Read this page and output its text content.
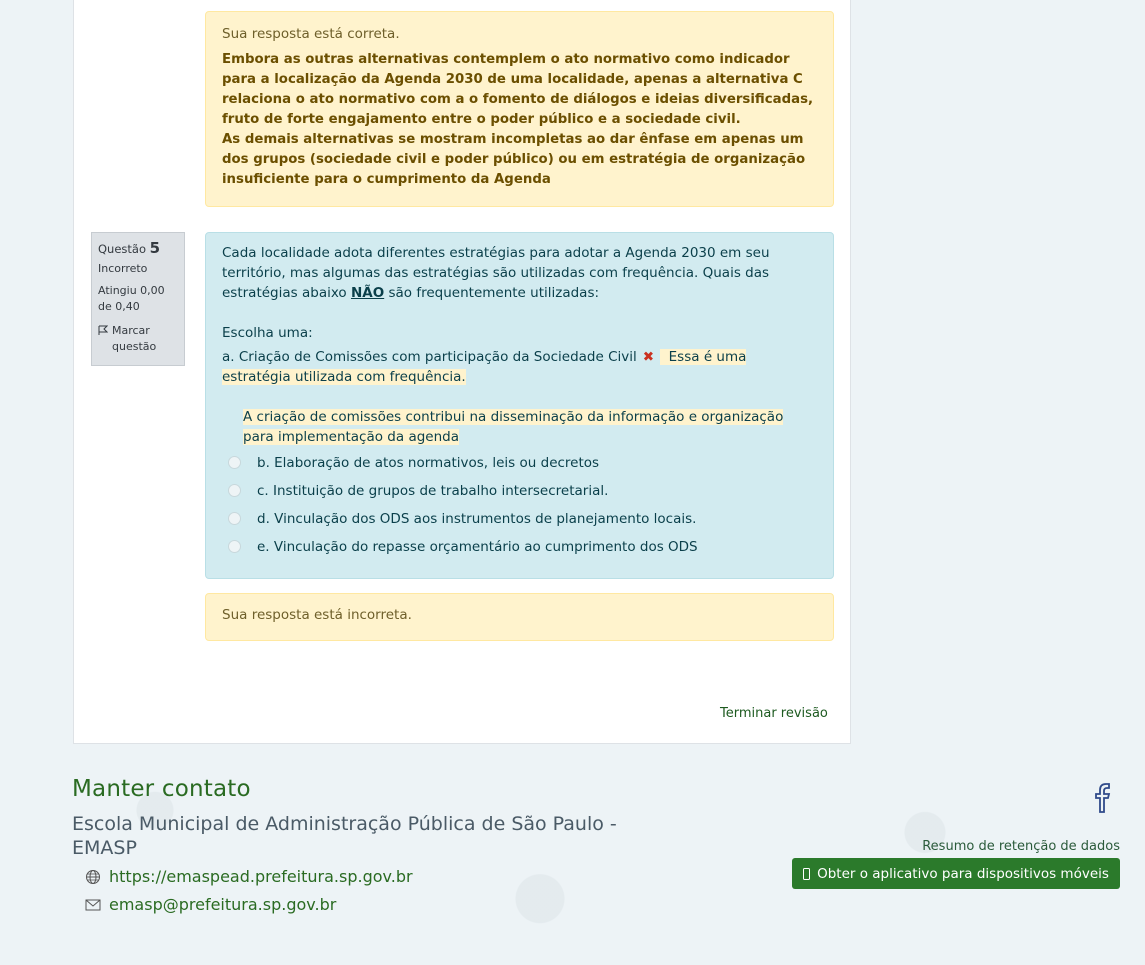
Sua resposta está correta.
Embora as outras alternativas contemplem o ato normativo como indicador para a localização da Agenda 2030 de uma localidade, apenas a alternativa C relaciona o ato normativo com a o fomento de diálogos e ideias diversificadas, fruto de forte engajamento entre o poder público e a sociedade civil.
As demais alternativas se mostram incompletas ao dar ênfase em apenas um dos grupos (sociedade civil e poder público) ou em estratégia de organização insuficiente para o cumprimento da Agenda
Questão 5
Incorreto
Atingiu 0,00 de 0,40
Marcar questão
Cada localidade adota diferentes estratégias para adotar a Agenda 2030 em seu território, mas algumas das estratégias são utilizadas com frequência. Quais das estratégias abaixo NÃO são frequentemente utilizadas:
Escolha uma:
a. Criação de Comissões com participação da Sociedade Civil ✖ Essa é uma estratégia utilizada com frequência.
A criação de comissões contribui na disseminação da informação e organização para implementação da agenda
b. Elaboração de atos normativos, leis ou decretos
c. Instituição de grupos de trabalho intersecretarial.
d. Vinculação dos ODS aos instrumentos de planejamento locais.
e. Vinculação do repasse orçamentário ao cumprimento dos ODS
Sua resposta está incorreta.
Terminar revisão
Manter contato
Escola Municipal de Administração Pública de São Paulo - EMASP
https://emaspead.prefeitura.sp.gov.br
emasp@prefeitura.sp.gov.br
Resumo de retenção de dados
Obter o aplicativo para dispositivos móveis
